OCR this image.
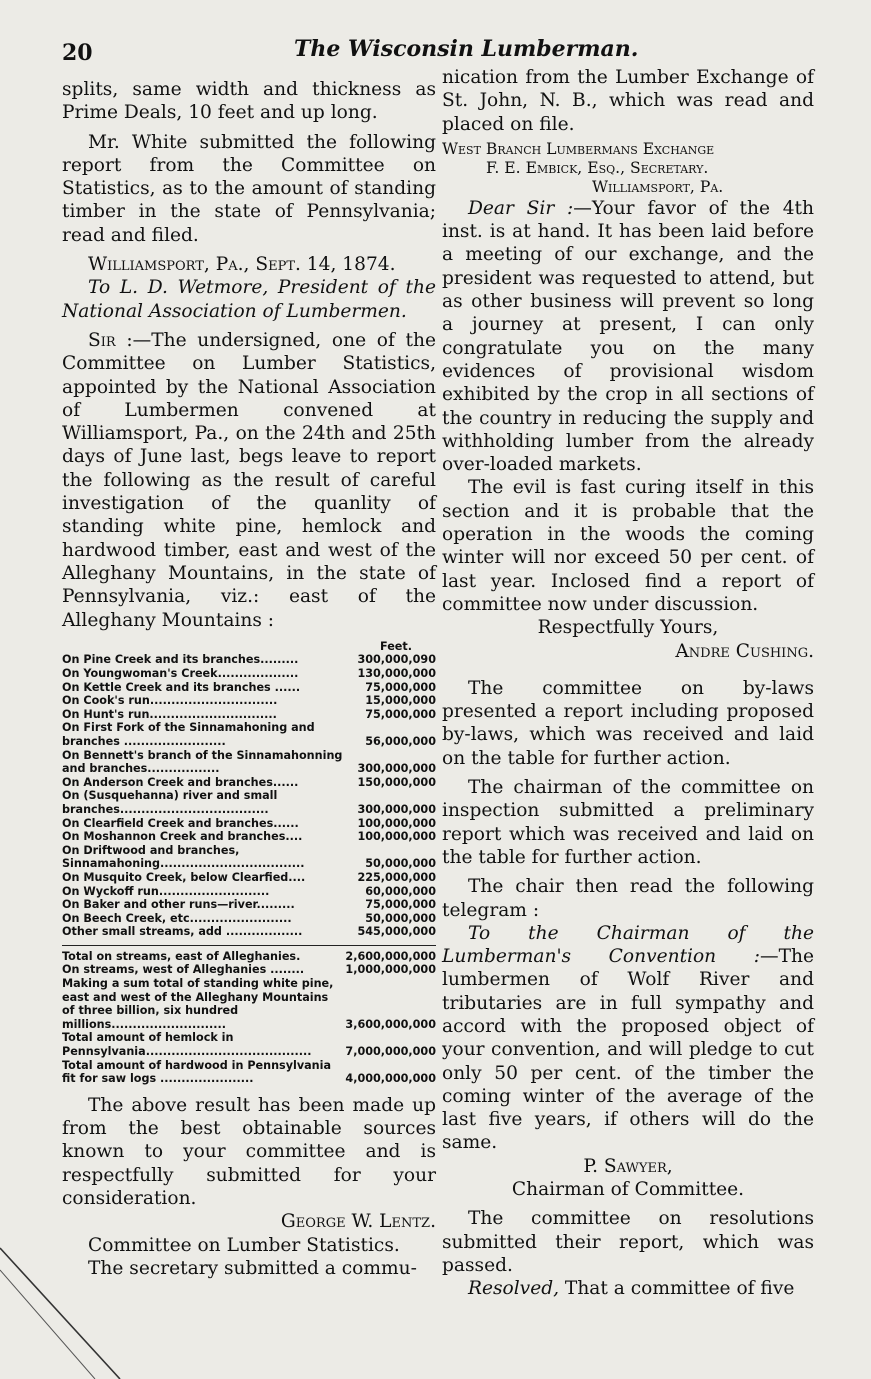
20	The Wisconsin Lumberman.

splits, same width and thickness as Prime Deals, 10 feet and up long.

Mr. White submitted the following report from the Committee on Statistics, as to the amount of standing timber in the state of Pennsylvania; read and filed.

Williamsport, Pa., Sept. 14, 1874.

To L. D. Wetmore, President of the National Association of Lumbermen.

Sir :—The undersigned, one of the Committee on Lumber Statistics, appointed by the National Association of Lumbermen convened at Williamsport, Pa., on the 24th and 25th days of June last, begs leave to report the following as the result of careful investigation of the quanlity of standing white pine, hemlock and hardwood timber, east and west of the Alleghany Mountains, in the state of Pennsylvania, viz.: east of the Alleghany Mountains :

Feet.
On Pine Creek and its branches.........	300,000,090
On Youngwoman's Creek...................	130,000,000
On Kettle Creek and its branches ......	75,000,000
On Cook's run..............................	15,000,000
On Hunt's run..............................	75,000,000
On First Fork of the Sinnamahoning and branches ........................	56,000,000
On Bennett's branch of the Sinnamahonning and branches.................	300,000,000
On Anderson Creek and branches......	150,000,000
On (Susquehanna) river and small branches...................................	300,000,000
On Clearfield Creek and branches......	100,000,000
On Moshannon Creek and branches....	100,000,000
On Driftwood and branches, Sinnamahoning..................................	50,000,000
On Musquito Creek, below Clearfied....	225,000,000
On Wyckoff run..........................	60,000,000
On Baker and other runs—river.........	75,000,000
On Beech Creek, etc........................	50,000,000
Other small streams, add ..................	545,000,000
Total on streams, east of Alleghanies.	2,600,000,000
On streams, west of Alleghanies ........	1,000,000,000
Making a sum total of standing white pine, east and west of the Alleghany Mountains of three billion, six hundred millions...........................	3,600,000,000
Total amount of hemlock in Pennsylvania.......................................	7,000,000,000
Total amount of hardwood in Pennsylvania fit for saw logs ......................	4,000,000,000

The above result has been made up from the best obtainable sources known to your committee and is respectfully submitted for your consideration.

George W. Lentz.

Committee on Lumber Statistics.

The secretary submitted a commu-

nication from the Lumber Exchange of St. John, N. B., which was read and placed on file.

West Branch Lumbermans Exchange
F. E. Embick, Esq., Secretary.
Williamsport, Pa.

Dear Sir :—Your favor of the 4th inst. is at hand. It has been laid before a meeting of our exchange, and the president was requested to attend, but as other business will prevent so long a journey at present, I can only congratulate you on the many evidences of provisional wisdom exhibited by the crop in all sections of the country in reducing the supply and withholding lumber from the already over-loaded markets.

The evil is fast curing itself in this section and it is probable that the operation in the woods the coming winter will nor exceed 50 per cent. of last year. Inclosed find a report of committee now under discussion.

Respectfully Yours,

Andre Cushing.

The committee on by-laws presented a report including proposed by-laws, which was received and laid on the table for further action.

The chairman of the committee on inspection submitted a preliminary report which was received and laid on the table for further action.

The chair then read the following telegram :

To the Chairman of the Lumberman's Convention :—The lumbermen of Wolf River and tributaries are in full sympathy and accord with the proposed object of your convention, and will pledge to cut only 50 per cent. of the timber the coming winter of the average of the last five years, if others will do the same.

P. Sawyer,

Chairman of Committee.

The committee on resolutions submitted their report, which was passed.

Resolved, That a committee of five
